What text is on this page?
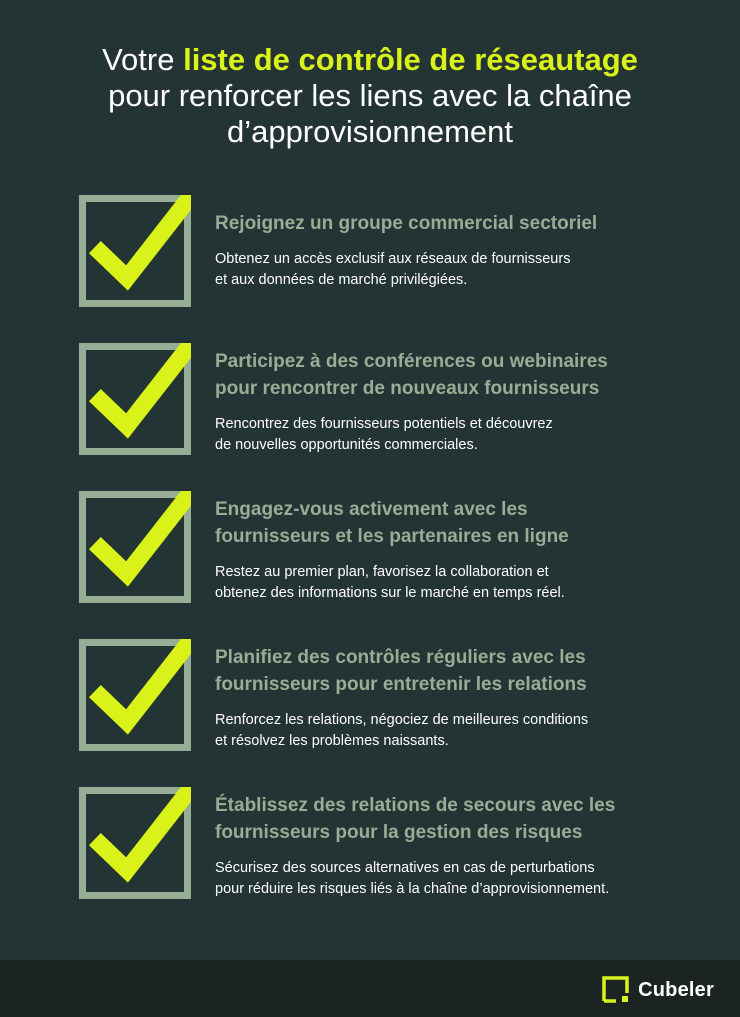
Votre liste de contrôle de réseautage
pour renforcer les liens avec la chaîne
d’approvisionnement

Rejoignez un groupe commercial sectoriel

Obtenez un accès exclusif aux réseaux de fournisseurs
et aux données de marché privilégiées.

Participez à des conférences ou webinaires
pour rencontrer de nouveaux fournisseurs

Rencontrez des fournisseurs potentiels et découvrez
de nouvelles opportunités commerciales.

Engagez-vous activement avec les
fournisseurs et les partenaires en ligne

Restez au premier plan, favorisez la collaboration et
obtenez des informations sur le marché en temps réel.

Planifiez des contrôles réguliers avec les
fournisseurs pour entretenir les relations

Renforcez les relations, négociez de meilleures conditions
et résolvez les problèmes naissants.

Établissez des relations de secours avec les
fournisseurs pour la gestion des risques

Sécurisez des sources alternatives en cas de perturbations
pour réduire les risques liés à la chaîne d’approvisionnement.

Cubeler
